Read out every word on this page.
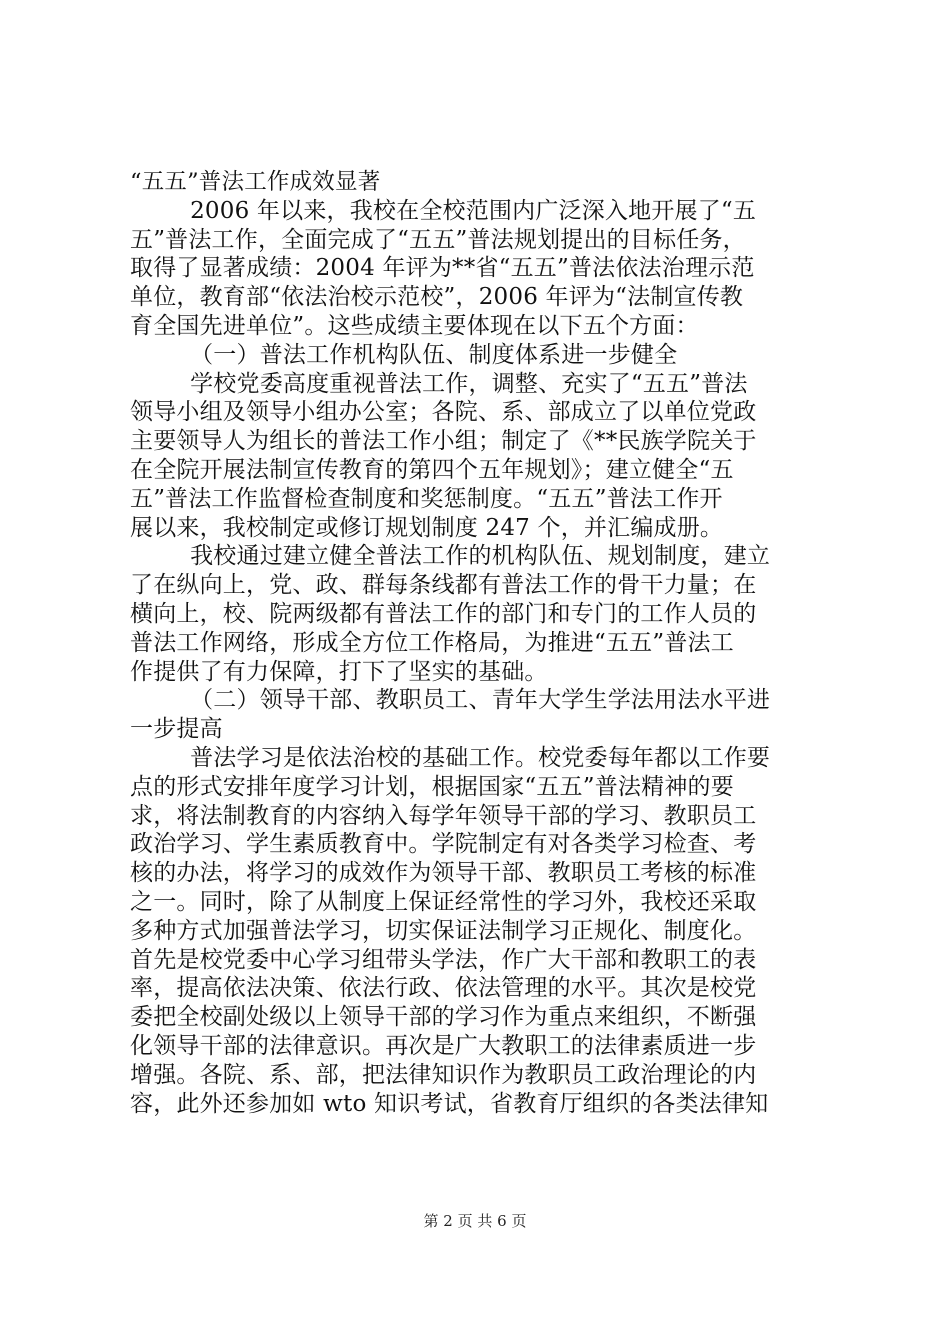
“五五”普法工作成效显著
2006 年以来，我校在全校范围内广泛深入地开展了“五
五”普法工作，全面完成了“五五”普法规划提出的目标任务，
取得了显著成绩：2004 年评为**省“五五”普法依法治理示范
单位，教育部“依法治校示范校”，2006 年评为“法制宣传教
育全国先进单位”。这些成绩主要体现在以下五个方面：
（一）普法工作机构队伍、制度体系进一步健全
学校党委高度重视普法工作，调整、充实了“五五”普法
领导小组及领导小组办公室；各院、系、部成立了以单位党政
主要领导人为组长的普法工作小组；制定了《**民族学院关于
在全院开展法制宣传教育的第四个五年规划》；建立健全“五
五”普法工作监督检查制度和奖惩制度。“五五”普法工作开
展以来，我校制定或修订规划制度 247 个，并汇编成册。
我校通过建立健全普法工作的机构队伍、规划制度，建立
了在纵向上，党、政、群每条线都有普法工作的骨干力量；在
横向上，校、院两级都有普法工作的部门和专门的工作人员的
普法工作网络，形成全方位工作格局，为推进“五五”普法工
作提供了有力保障，打下了坚实的基础。
（二）领导干部、教职员工、青年大学生学法用法水平进
一步提高
普法学习是依法治校的基础工作。校党委每年都以工作要
点的形式安排年度学习计划，根据国家“五五”普法精神的要
求，将法制教育的内容纳入每学年领导干部的学习、教职员工
政治学习、学生素质教育中。学院制定有对各类学习检查、考
核的办法，将学习的成效作为领导干部、教职员工考核的标准
之一。同时，除了从制度上保证经常性的学习外，我校还采取
多种方式加强普法学习，切实保证法制学习正规化、制度化。
首先是校党委中心学习组带头学法，作广大干部和教职工的表
率，提高依法决策、依法行政、依法管理的水平。其次是校党
委把全校副处级以上领导干部的学习作为重点来组织，不断强
化领导干部的法律意识。再次是广大教职工的法律素质进一步
增强。各院、系、部，把法律知识作为教职员工政治理论的内
容，此外还参加如 wto 知识考试，省教育厅组织的各类法律知
第 2 页 共 6 页
